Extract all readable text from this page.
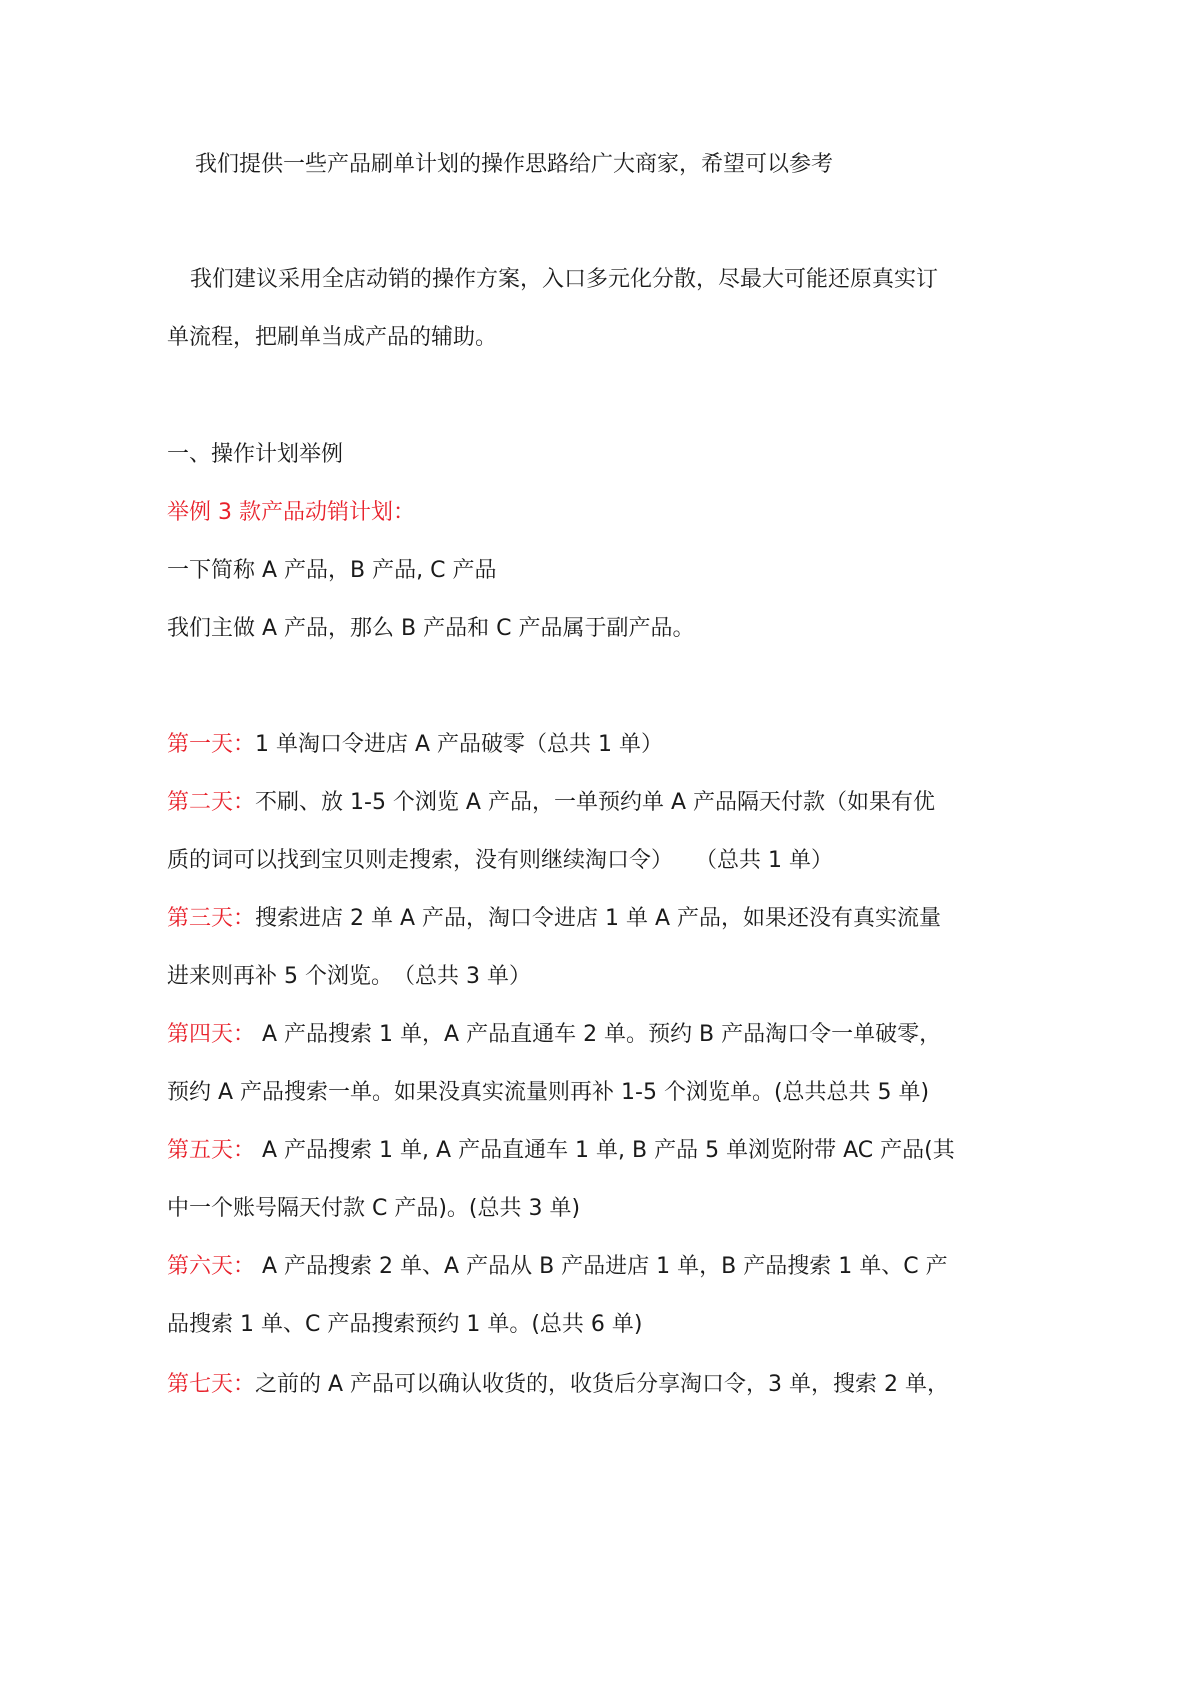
我们提供一些产品刷单计划的操作思路给广大商家，希望可以参考
我们建议采用全店动销的操作方案，入口多元化分散，尽最大可能还原真实订
单流程，把刷单当成产品的辅助。
一、操作计划举例
举例 3 款产品动销计划：
一下简称 A 产品，B 产品, C 产品
我们主做 A 产品，那么 B 产品和 C 产品属于副产品。
第一天：1 单淘口令进店 A 产品破零（总共 1 单）
第二天：不刷、放 1-5 个浏览 A 产品，一单预约单 A 产品隔天付款（如果有优
质的词可以找到宝贝则走搜索，没有则继续淘口令）　　（总共 1 单）
第三天：搜索进店 2 单 A 产品，淘口令进店 1 单 A 产品，如果还没有真实流量
进来则再补 5 个浏览。　（总共 3 单）
第四天： A 产品搜索 1 单，A 产品直通车 2 单。预约 B 产品淘口令一单破零，
预约 A 产品搜索一单。如果没真实流量则再补 1-5 个浏览单。(总共总共 5 单)
第五天： A 产品搜索 1 单, A 产品直通车 1 单, B 产品 5 单浏览附带 AC 产品(其
中一个账号隔天付款 C 产品)。(总共 3 单)
第六天： A 产品搜索 2 单、A 产品从 B 产品进店 1 单，B 产品搜索 1 单、C 产
品搜索 1 单、C 产品搜索预约 1 单。(总共 6 单)
第七天：之前的 A 产品可以确认收货的，收货后分享淘口令，3 单，搜索 2 单，
